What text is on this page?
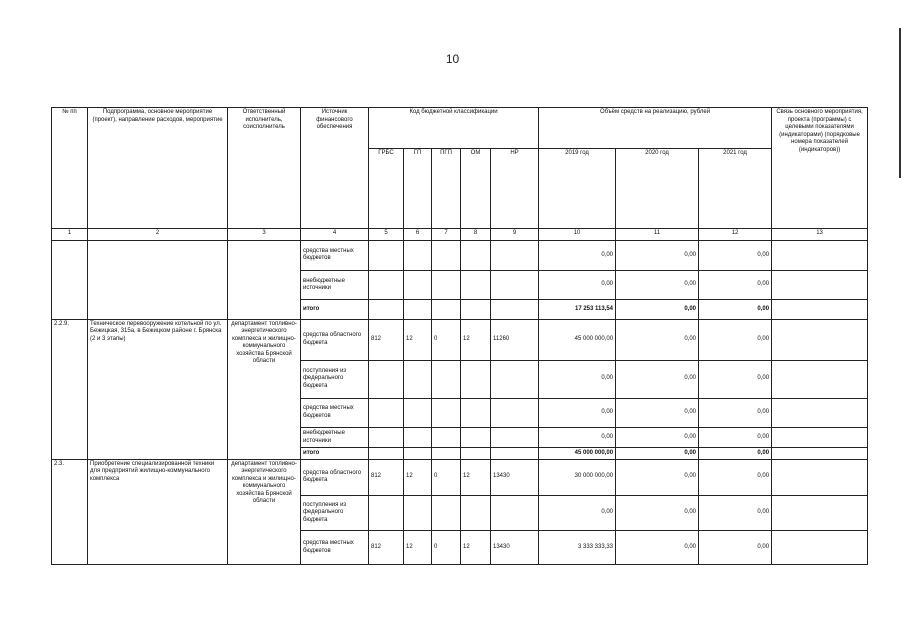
10
№ пп	Подпрограмма, основное мероприятие (проект), направление расходов, мероприятие	Ответственный исполнитель, соисполнитель	Источник финансового обеспечения	Код бюджетной классификации					Объём средств на реализацию, рублей			Связь основного мероприятия, проекта (программы) с целевыми показателями (индикаторами) (порядковые номера показателей (индикаторов))
				ГРБС	ГП	ПГП	ОМ	НР	2019 год	2020 год	2021 год	
1	2	3	4	5	6	7	8	9	10	11	12	13
			средства местных бюджетов						0,00	0,00	0,00	
			внебюджетные источники						0,00	0,00	0,00	
			итого						17 253 113,54	0,00	0,00	
2.2.9.	Техническое перевооружение котельной по ул. Бежицкая, 315а, в Бежицком районе г. Брянска (2 и 3 этапы)	департамент топливно-энергетического комплекса и жилищно-коммунального хозяйства Брянской области	средства областного бюджета	812	12	0	12	11260	45 000 000,00	0,00	0,00	
			поступления из федерального бюджета						0,00	0,00	0,00	
			средства местных бюджетов						0,00	0,00	0,00	
			внебюджетные источники						0,00	0,00	0,00	
			итого						45 000 000,00	0,00	0,00	
2.3.	Приобретение специализированной техники для предприятий жилищно-коммунального комплекса	департамент топливно-энергетического комплекса и жилищно-коммунального хозяйства Брянской области	средства областного бюджета	812	12	0	12	13430	30 000 000,00	0,00	0,00	
			поступления из федерального бюджета						0,00	0,00	0,00	
			средства местных бюджетов	812	12	0	12	13430	3 333 333,33	0,00	0,00	
